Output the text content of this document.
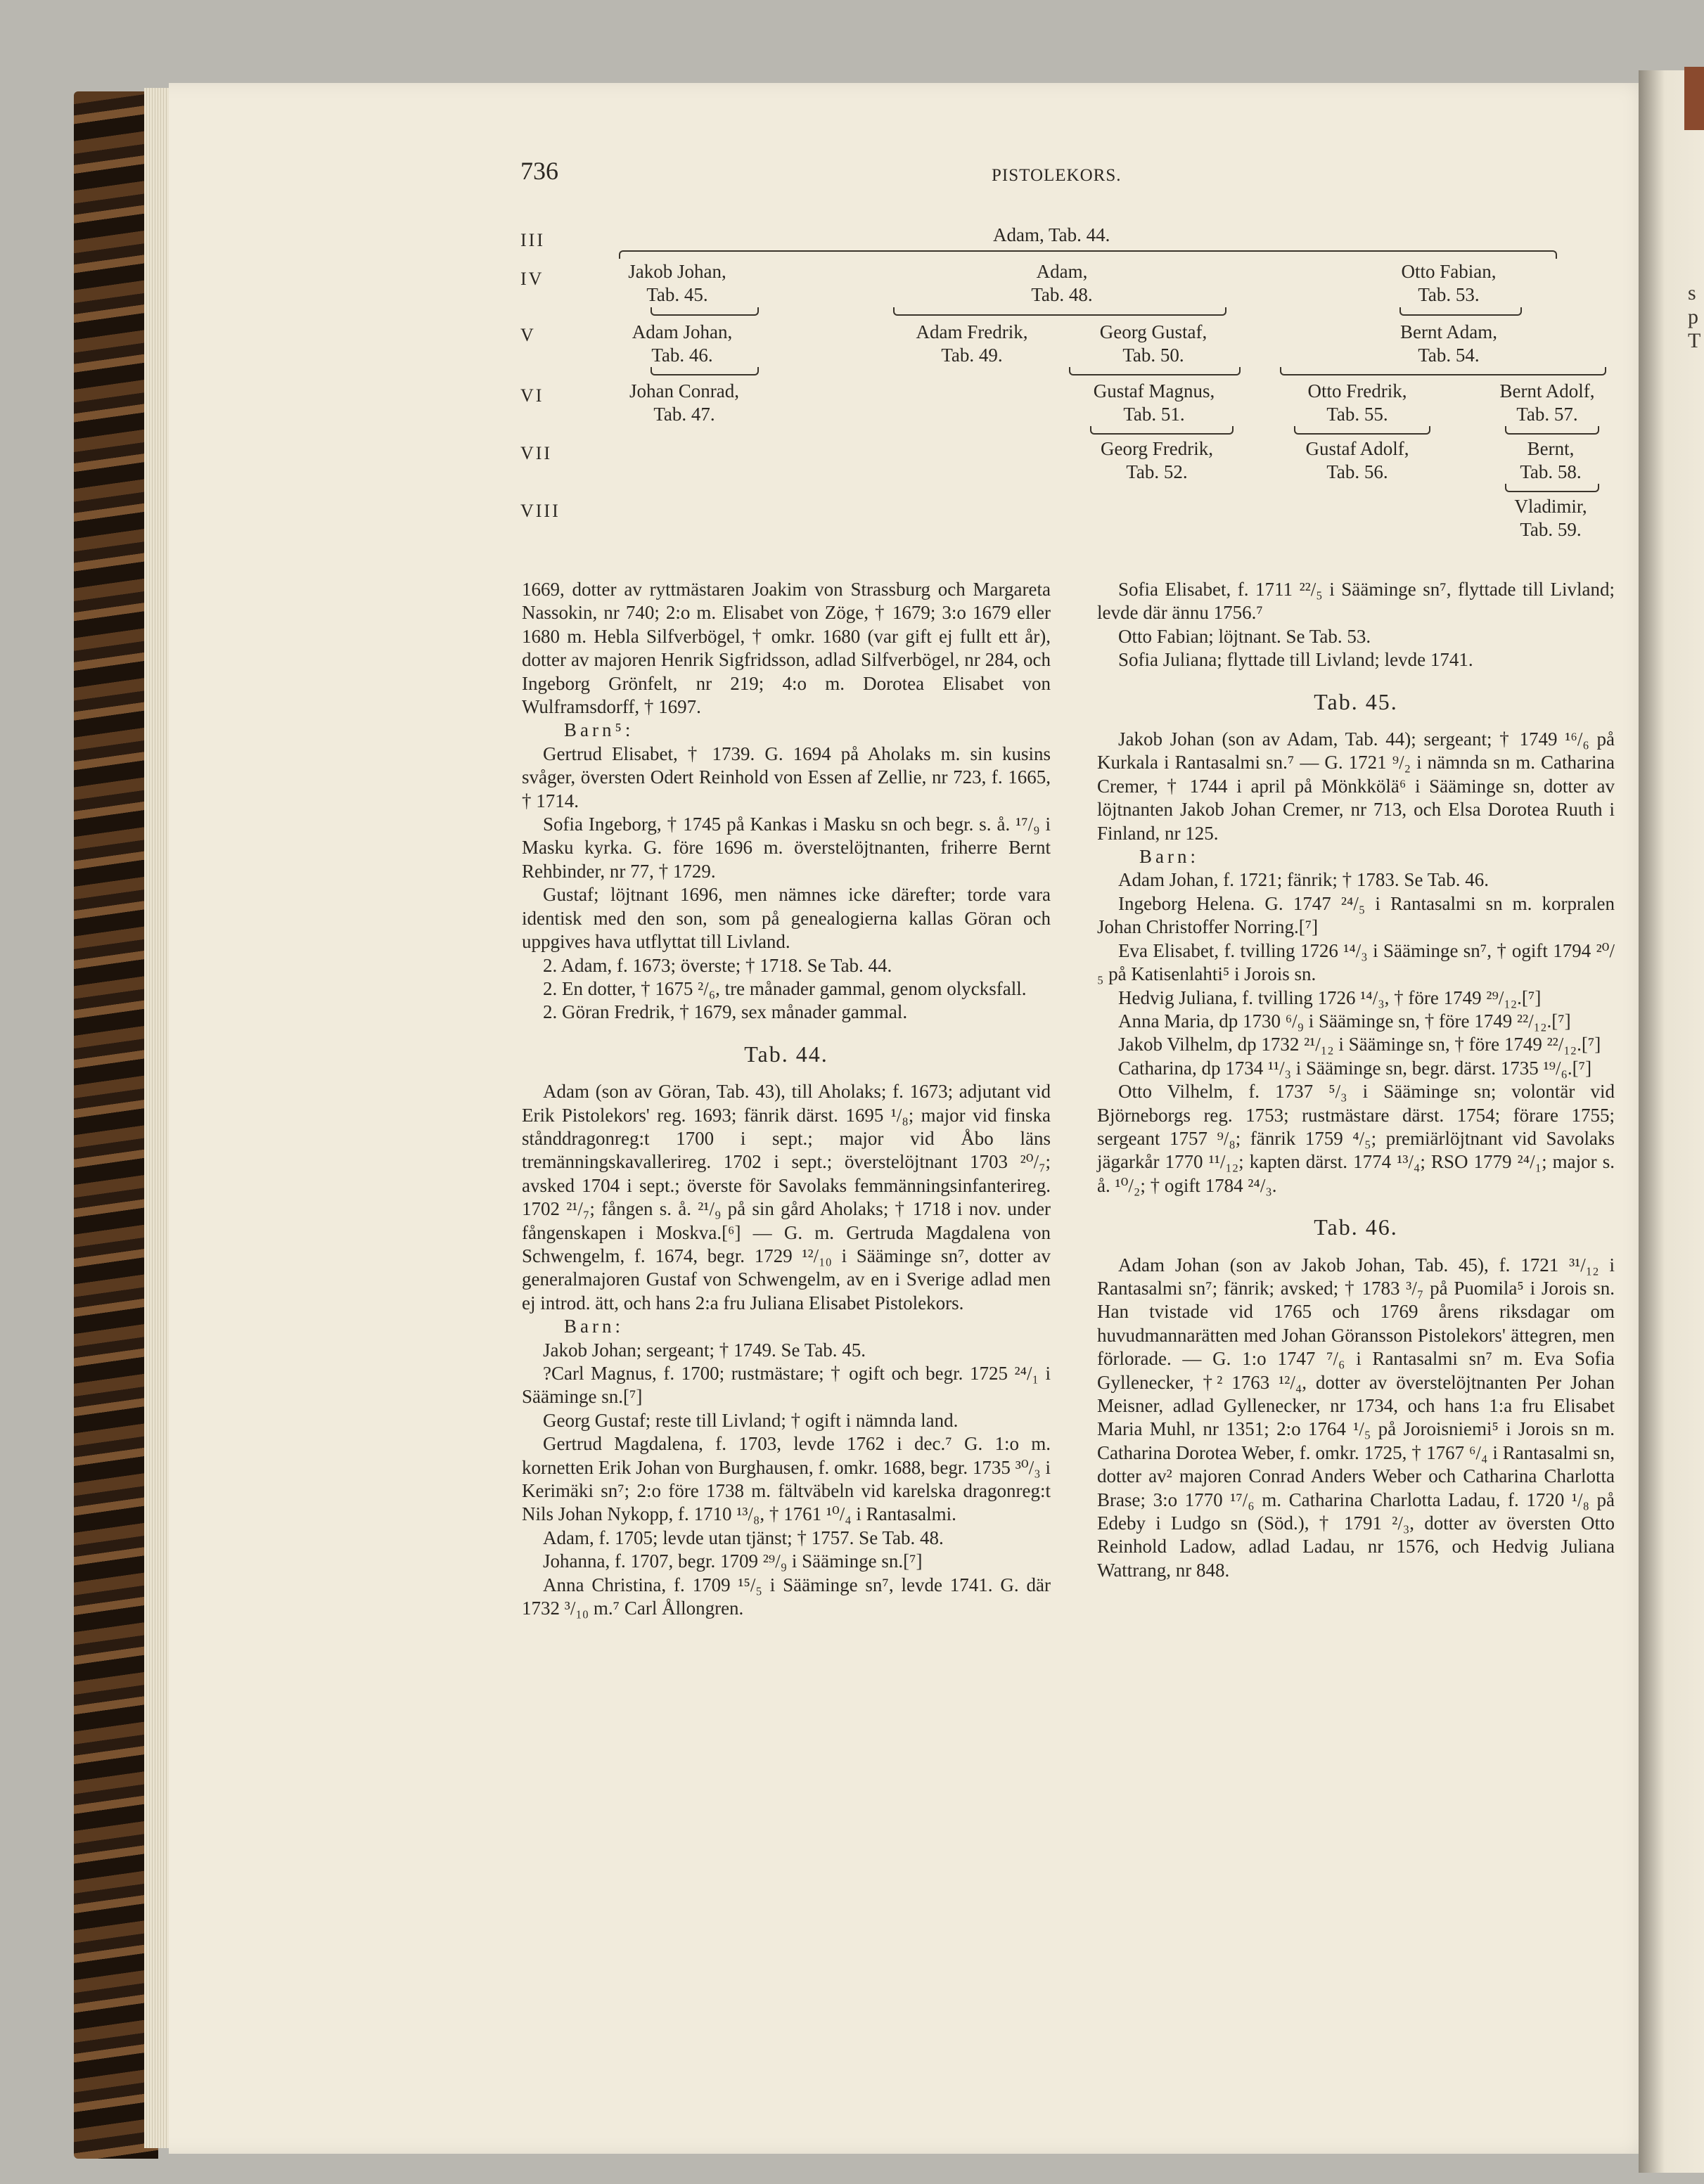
s
p
T
736	PISTOLEKORS.
III
IV
V
VI
VII
VIII
Adam, Tab. 44.
Jakob Johan,
Tab. 45.
Adam,
Tab. 48.
Otto Fabian,
Tab. 53.
Adam Johan,
Tab. 46.
Adam Fredrik,
Tab. 49.
Georg Gustaf,
Tab. 50.
Bernt Adam,
Tab. 54.
Johan Conrad,
Tab. 47.
Gustaf Magnus,
Tab. 51.
Otto Fredrik,
Tab. 55.
Bernt Adolf,
Tab. 57.
Georg Fredrik,
Tab. 52.
Gustaf Adolf,
Tab. 56.
Bernt,
Tab. 58.
Vladimir,
Tab. 59.

1669, dotter av ryttmästaren Joakim von Strassburg och Margareta Nassokin, nr 740; 2:o m. Elisabet von Zöge, † 1679; 3:o 1679 eller 1680 m. Hebla Silfverbögel, † omkr. 1680 (var gift ej fullt ett år), dotter av majoren Henrik Sigfridsson, adlad Silfverbögel, nr 284, och Ingeborg Grönfelt, nr 219; 4:o m. Dorotea Elisabet von Wulframsdorff, † 1697.

Barn⁵:

Gertrud Elisabet, † 1739. G. 1694 på Aholaks m. sin kusins svåger, översten Odert Reinhold von Essen af Zellie, nr 723, f. 1665, † 1714.

Sofia Ingeborg, † 1745 på Kankas i Masku sn och begr. s. å. ¹⁷/₉ i Masku kyrka. G. före 1696 m. överstelöjtnanten, friherre Bernt Rehbinder, nr 77, † 1729.

Gustaf; löjtnant 1696, men nämnes icke därefter; torde vara identisk med den son, som på genealogierna kallas Göran och uppgives hava utflyttat till Livland.

2. Adam, f. 1673; överste; † 1718. Se Tab. 44.

2. En dotter, † 1675 ²/₆, tre månader gammal, genom olycksfall.

2. Göran Fredrik, † 1679, sex månader gammal.

Tab. 44.

Adam (son av Göran, Tab. 43), till Aholaks; f. 1673; adjutant vid Erik Pistolekors' reg. 1693; fänrik därst. 1695 ¹/₈; major vid finska stånddragonreg:t 1700 i sept.; major vid Åbo läns tremänningskavallerireg. 1702 i sept.; överstelöjtnant 1703 ²⁰/₇; avsked 1704 i sept.; överste för Savolaks femmänningsinfanterireg. 1702 ²¹/₇; fången s. å. ²¹/₉ på sin gård Aholaks; † 1718 i nov. under fångenskapen i Moskva.[⁶] — G. m. Gertruda Magdalena von Schwengelm, f. 1674, begr. 1729 ¹²/₁₀ i Sääminge sn⁷, dotter av generalmajoren Gustaf von Schwengelm, av en i Sverige adlad men ej introd. ätt, och hans 2:a fru Juliana Elisabet Pistolekors.

Barn:

Jakob Johan; sergeant; † 1749. Se Tab. 45.

?Carl Magnus, f. 1700; rustmästare; † ogift och begr. 1725 ²⁴/₁ i Sääminge sn.[⁷]

Georg Gustaf; reste till Livland; † ogift i nämnda land.

Gertrud Magdalena, f. 1703, levde 1762 i dec.⁷ G. 1:o m. kornetten Erik Johan von Burghausen, f. omkr. 1688, begr. 1735 ³⁰/₃ i Kerimäki sn⁷; 2:o före 1738 m. fältväbeln vid karelska dragonreg:t Nils Johan Nykopp, f. 1710 ¹³/₈, † 1761 ¹⁰/₄ i Rantasalmi.

Adam, f. 1705; levde utan tjänst; † 1757. Se Tab. 48.

Johanna, f. 1707, begr. 1709 ²⁹/₉ i Sääminge sn.[⁷]

Anna Christina, f. 1709 ¹⁵/₅ i Sääminge sn⁷, levde 1741. G. där 1732 ³/₁₀ m.⁷ Carl Ållongren.

Sofia Elisabet, f. 1711 ²²/₅ i Sääminge sn⁷, flyttade till Livland; levde där ännu 1756.⁷

Otto Fabian; löjtnant. Se Tab. 53.

Sofia Juliana; flyttade till Livland; levde 1741.

Tab. 45.

Jakob Johan (son av Adam, Tab. 44); sergeant; † 1749 ¹⁶/₆ på Kurkala i Rantasalmi sn.⁷ — G. 1721 ⁹/₂ i nämnda sn m. Catharina Cremer, † 1744 i april på Mönkkölä⁶ i Sääminge sn, dotter av löjtnanten Jakob Johan Cremer, nr 713, och Elsa Dorotea Ruuth i Finland, nr 125.

Barn:

Adam Johan, f. 1721; fänrik; † 1783. Se Tab. 46.

Ingeborg Helena. G. 1747 ²⁴/₅ i Rantasalmi sn m. korpralen Johan Christoffer Norring.[⁷]

Eva Elisabet, f. tvilling 1726 ¹⁴/₃ i Sääminge sn⁷, † ogift 1794 ²⁰/₅ på Katisenlahti⁵ i Jorois sn.

Hedvig Juliana, f. tvilling 1726 ¹⁴/₃, † före 1749 ²⁹/₁₂.[⁷]

Anna Maria, dp 1730 ⁶/₉ i Sääminge sn, † före 1749 ²²/₁₂.[⁷]

Jakob Vilhelm, dp 1732 ²¹/₁₂ i Sääminge sn, † före 1749 ²²/₁₂.[⁷]

Catharina, dp 1734 ¹¹/₃ i Sääminge sn, begr. därst. 1735 ¹⁹/₆.[⁷]

Otto Vilhelm, f. 1737 ⁵/₃ i Sääminge sn; volontär vid Björneborgs reg. 1753; rustmästare därst. 1754; förare 1755; sergeant 1757 ⁹/₈; fänrik 1759 ⁴/₅; premiärlöjtnant vid Savolaks jägarkår 1770 ¹¹/₁₂; kapten därst. 1774 ¹³/₄; RSO 1779 ²⁴/₁; major s. å. ¹⁰/₂; † ogift 1784 ²⁴/₃.

Tab. 46.

Adam Johan (son av Jakob Johan, Tab. 45), f. 1721 ³¹/₁₂ i Rantasalmi sn⁷; fänrik; avsked; † 1783 ³/₇ på Puomila⁵ i Jorois sn. Han tvistade vid 1765 och 1769 årens riksdagar om huvudmannarätten med Johan Göransson Pistolekors' ättegren, men förlorade. — G. 1:o 1747 ⁷/₆ i Rantasalmi sn⁷ m. Eva Sofia Gyllenecker, †² 1763 ¹²/₄, dotter av överstelöjtnanten Per Johan Meisner, adlad Gyllenecker, nr 1734, och hans 1:a fru Elisabet Maria Muhl, nr 1351; 2:o 1764 ¹/₅ på Joroisniemi⁵ i Jorois sn m. Catharina Dorotea Weber, f. omkr. 1725, † 1767 ⁶/₄ i Rantasalmi sn, dotter av² majoren Conrad Anders Weber och Catharina Charlotta Brase; 3:o 1770 ¹⁷/₆ m. Catharina Charlotta Ladau, f. 1720 ¹/₈ på Edeby i Ludgo sn (Söd.), † 1791 ²/₃, dotter av översten Otto Reinhold Ladow, adlad Ladau, nr 1576, och Hedvig Juliana Wattrang, nr 848.
